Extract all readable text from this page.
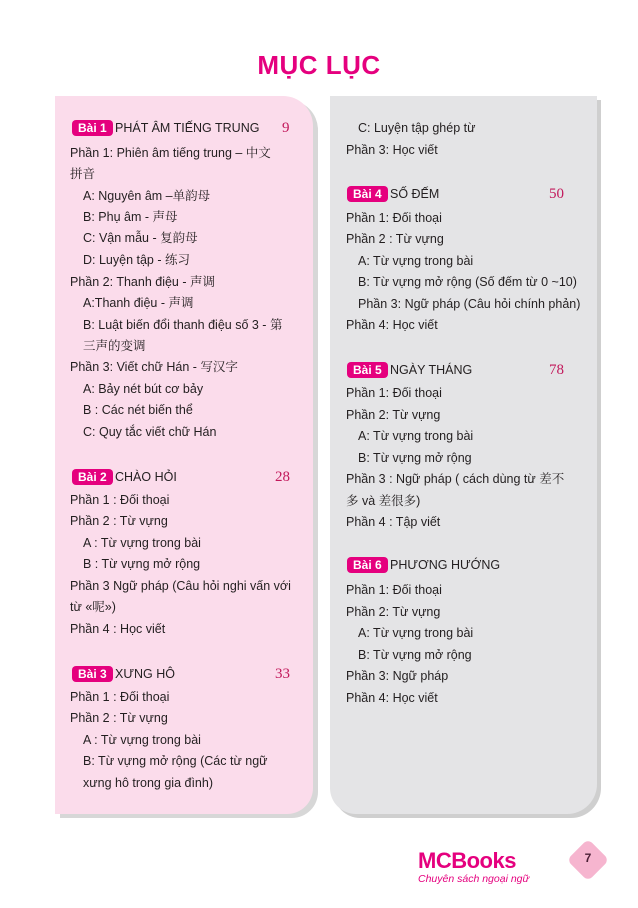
MỤC LỤC
Bài 1 PHÁT ÂM TIẾNG TRUNG 9
Phần 1: Phiên âm tiếng trung – 中文
拼音
A: Nguyên âm –单韵母
B: Phụ âm - 声母
C: Vận mẫu - 复韵母
D: Luyện tập - 练习
Phần 2: Thanh điệu - 声调
A:Thanh điệu - 声调
B: Luật biến đổi thanh điệu số 3 - 第
三声的变调
Phần 3: Viết chữ Hán - 写汉字
A: Bảy nét bút cơ bảy
B : Các nét biến thể
C: Quy tắc viết chữ Hán
Bài 2 CHÀO HỎI	28
Phần 1 : Đối thoại
Phần 2 : Từ vựng
A : Từ vựng trong bài
B : Từ vựng mở rộng
Phần 3 Ngữ pháp (Câu hỏi nghi vấn với
từ «呢»)
Phần 4 : Học viết
Bài 3 XƯNG HÔ	33
Phần 1 : Đối thoại
Phần 2 : Từ vựng
A : Từ vựng trong bài
B: Từ vựng mở rộng (Các từ ngữ
xưng hô trong gia đình)
C: Luyện tập ghép từ
Phần 3: Học viết
Bài 4 SỐ ĐẾM	50
Phần 1: Đối thoại
Phần 2 : Từ vựng
A: Từ vựng trong bài
B: Từ vựng mở rộng (Số đếm từ 0 ~10)
Phần 3: Ngữ pháp (Câu hỏi chính phản)
Phần 4: Học viết
Bài 5 NGÀY THÁNG	78
Phần 1: Đối thoại
Phần 2: Từ vựng
A: Từ vựng trong bài
B: Từ vựng mở rộng
Phần 3 : Ngữ pháp ( cách dùng từ 差不
多 và 差很多)
Phần 4 : Tập viết
Bài 6 PHƯƠNG HƯỚNG
Phần 1: Đối thoại
Phần 2: Từ vựng
A: Từ vựng trong bài
B: Từ vựng mở rộng
Phần 3: Ngữ pháp
Phần 4: Học viết
MCBooks
Chuyên sách ngoại ngữ
7
